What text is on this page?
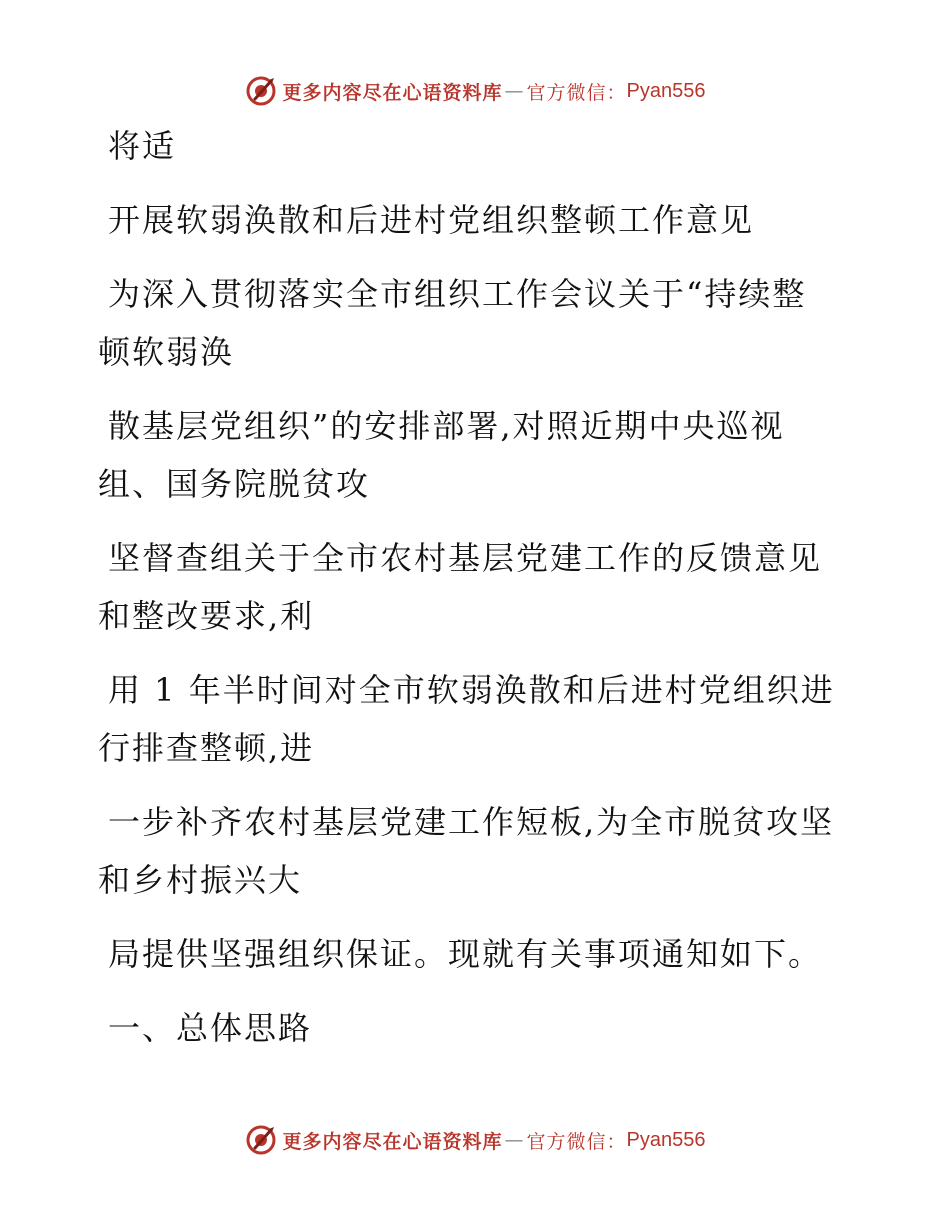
更多内容尽在心语资料库 — 官方微信： Pyan556
将适
开展软弱涣散和后进村党组织整顿工作意见
为深入贯彻落实全市组织工作会议关于“持续整
顿软弱涣
散基层党组织”的安排部署,对照近期中央巡视
组、国务院脱贫攻
坚督查组关于全市农村基层党建工作的反馈意见
和整改要求,利
用 1 年半时间对全市软弱涣散和后进村党组织进
行排查整顿,进
一步补齐农村基层党建工作短板,为全市脱贫攻坚
和乡村振兴大
局提供坚强组织保证。现就有关事项通知如下。
一、总体思路
更多内容尽在心语资料库 — 官方微信： Pyan556
